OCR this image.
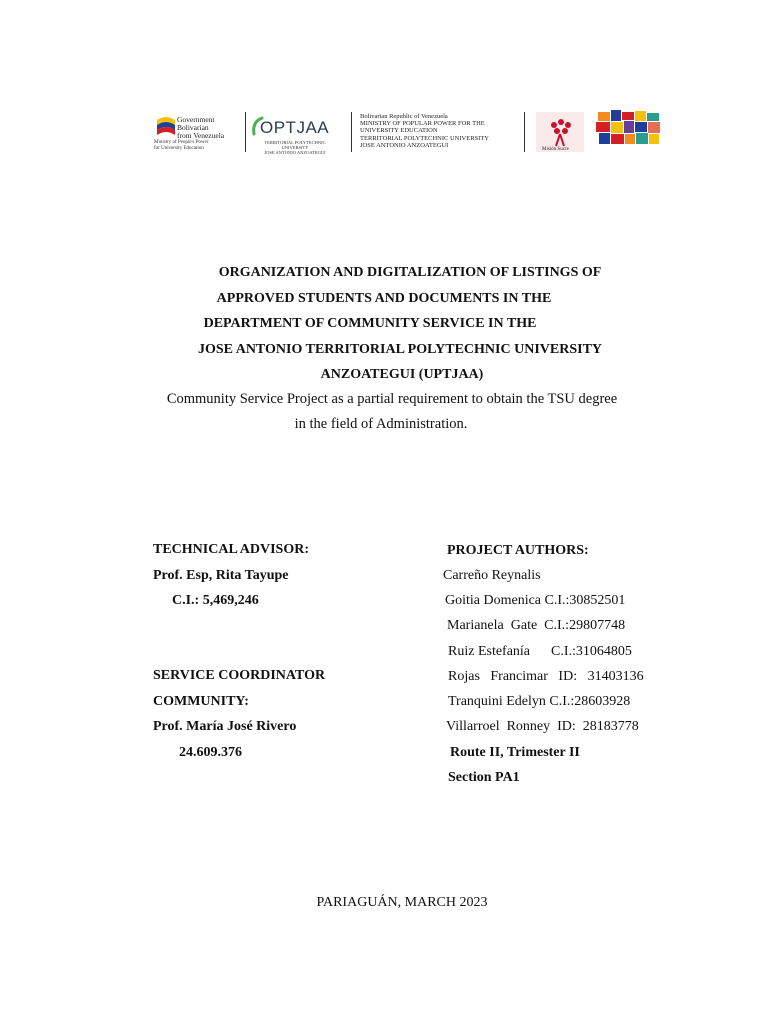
Government
Bolivarian
from Venezuela
Ministry of People's Power
for University Education
OPTJAA
TERRITORIAL POLYTECHNIC UNIVERSITY
JOSE ANTONIO ANZOATEGUI
Bolivarian Republic of Venezuela
MINISTRY OF POPULAR POWER FOR THE
UNIVERSITY EDUCATION
TERRITORIAL POLYTECHNIC UNIVERSITY
JOSE ANTONIO ANZOATEGUI
Misión Sucre
ORGANIZATION AND DIGITALIZATION OF LISTINGS OF
APPROVED STUDENTS AND DOCUMENTS IN THE
DEPARTMENT OF COMMUNITY SERVICE IN THE
JOSE ANTONIO TERRITORIAL POLYTECHNIC UNIVERSITY
ANZOATEGUI (UPTJAA)
Community Service Project as a partial requirement to obtain the TSU degree
in the field of Administration.
TECHNICAL ADVISOR:
Prof. Esp, Rita Tayupe
C.I.: 5,469,246
SERVICE COORDINATOR
COMMUNITY:
Prof. María José Rivero
24.609.376
PROJECT AUTHORS:
Carreño Reynalis
Goitia Domenica C.I.:30852501
Marianela  Gate  C.I.:29807748
Ruiz Estefanía      C.I.:31064805
Rojas   Francimar   ID:   31403136
Tranquini Edelyn C.I.:28603928
Villarroel  Ronney  ID:  28183778
Route II, Trimester II
Section PA1
PARIAGUÁN, MARCH 2023
